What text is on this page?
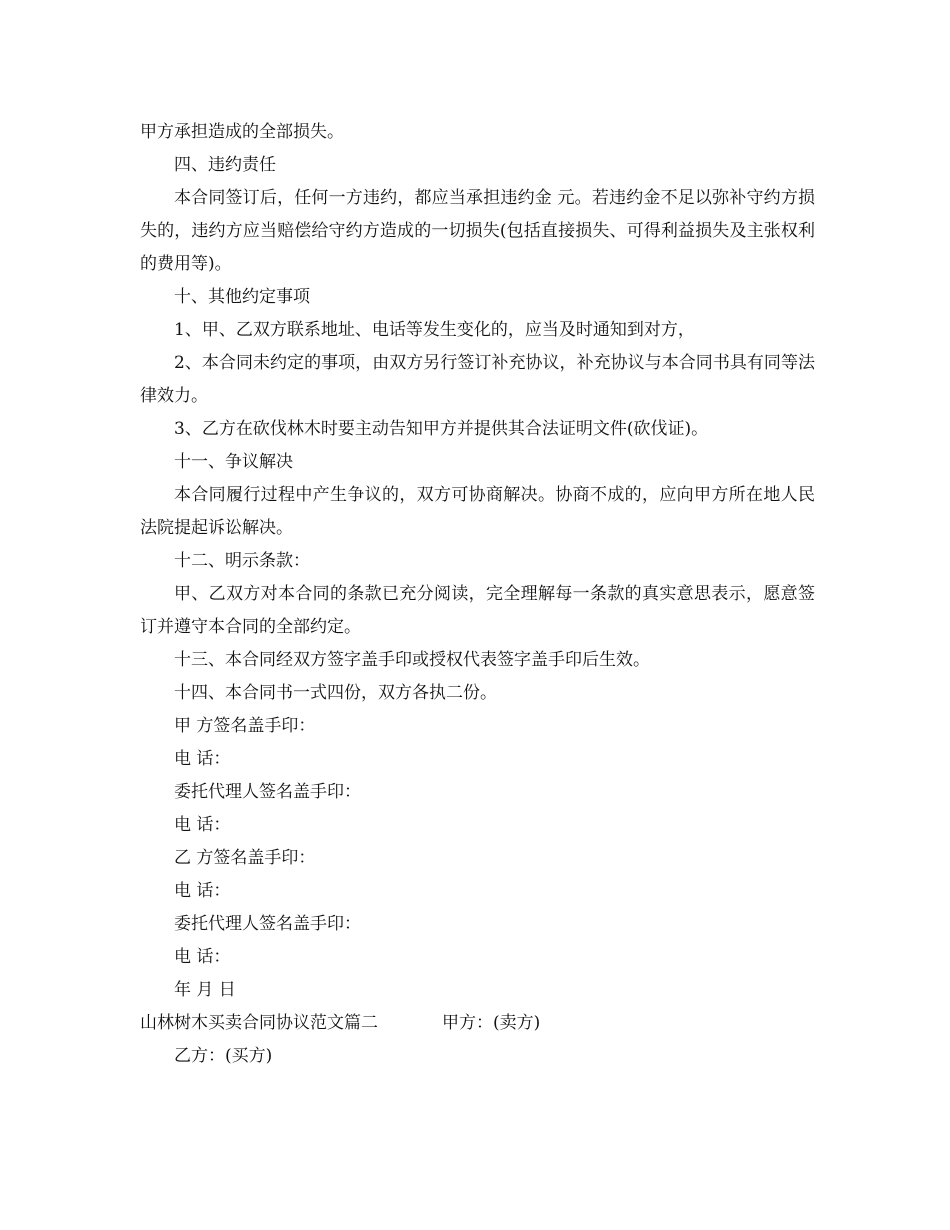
甲方承担造成的全部损失。

四、违约责任

本合同签订后，任何一方违约，都应当承担违约金 元。若违约金不足以弥补守约方损失的，违约方应当赔偿给守约方造成的一切损失(包括直接损失、可得利益损失及主张权利的费用等)。

十、其他约定事项

1、甲、乙双方联系地址、电话等发生变化的，应当及时通知到对方，

2、本合同未约定的事项，由双方另行签订补充协议，补充协议与本合同书具有同等法律效力。

3、乙方在砍伐林木时要主动告知甲方并提供其合法证明文件(砍伐证)。

十一、争议解决

本合同履行过程中产生争议的，双方可协商解决。协商不成的，应向甲方所在地人民法院提起诉讼解决。

十二、明示条款：

甲、乙双方对本合同的条款已充分阅读，完全理解每一条款的真实意思表示，愿意签订并遵守本合同的全部约定。

十三、本合同经双方签字盖手印或授权代表签字盖手印后生效。

十四、本合同书一式四份，双方各执二份。

甲 方签名盖手印：

电 话：

委托代理人签名盖手印：

电 话：

乙 方签名盖手印：

电 话：

委托代理人签名盖手印：

电 话：

年 月 日

山林树木买卖合同协议范文篇二	甲方：(卖方)

乙方：(买方)
